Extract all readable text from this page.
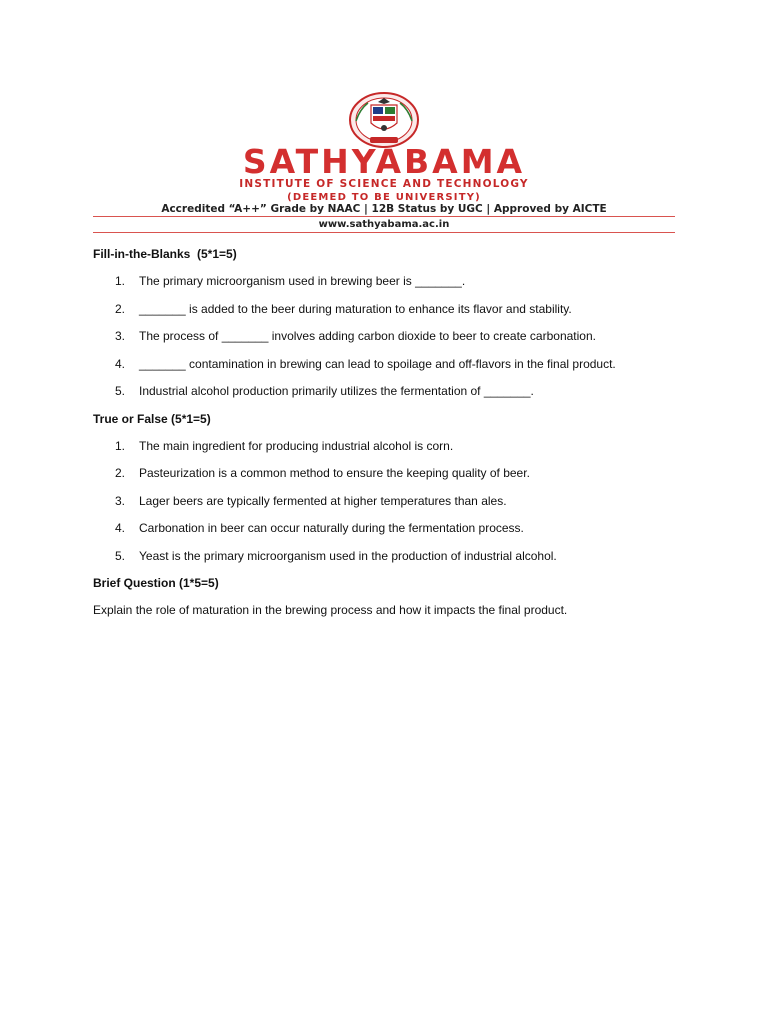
SATHYABAMA
INSTITUTE OF SCIENCE AND TECHNOLOGY
(DEEMED TO BE UNIVERSITY)
Accredited “A++” Grade by NAAC | 12B Status by UGC | Approved by AICTE
www.sathyabama.ac.in
Fill-in-the-Blanks  (5*1=5)
1. The primary microorganism used in brewing beer is _______.
2. _______ is added to the beer during maturation to enhance its flavor and stability.
3. The process of _______ involves adding carbon dioxide to beer to create carbonation.
4. _______ contamination in brewing can lead to spoilage and off-flavors in the final product.
5. Industrial alcohol production primarily utilizes the fermentation of _______.
True or False (5*1=5)
1. The main ingredient for producing industrial alcohol is corn.
2. Pasteurization is a common method to ensure the keeping quality of beer.
3. Lager beers are typically fermented at higher temperatures than ales.
4. Carbonation in beer can occur naturally during the fermentation process.
5. Yeast is the primary microorganism used in the production of industrial alcohol.
Brief Question (1*5=5)

Explain the role of maturation in the brewing process and how it impacts the final product.
